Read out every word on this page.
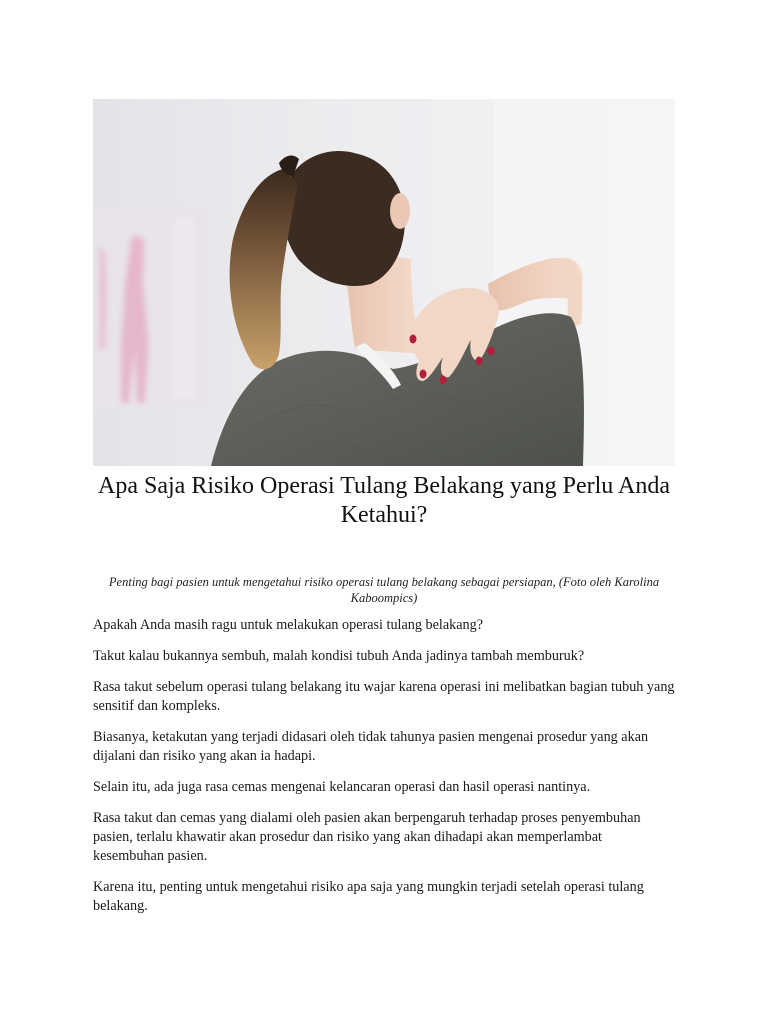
Apa Saja Risiko Operasi Tulang Belakang yang Perlu Anda Ketahui?

Penting bagi pasien untuk mengetahui risiko operasi tulang belakang sebagai persiapan, (Foto oleh Karolina Kaboompics)

Apakah Anda masih ragu untuk melakukan operasi tulang belakang?

Takut kalau bukannya sembuh, malah kondisi tubuh Anda jadinya tambah memburuk?

Rasa takut sebelum operasi tulang belakang itu wajar karena operasi ini melibatkan bagian tubuh yang sensitif dan kompleks.

Biasanya, ketakutan yang terjadi didasari oleh tidak tahunya pasien mengenai prosedur yang akan dijalani dan risiko yang akan ia hadapi.

Selain itu, ada juga rasa cemas mengenai kelancaran operasi dan hasil operasi nantinya.

Rasa takut dan cemas yang dialami oleh pasien akan berpengaruh terhadap proses penyembuhan pasien, terlalu khawatir akan prosedur dan risiko yang akan dihadapi akan memperlambat kesembuhan pasien.

Karena itu, penting untuk mengetahui risiko apa saja yang mungkin terjadi setelah operasi tulang belakang.
